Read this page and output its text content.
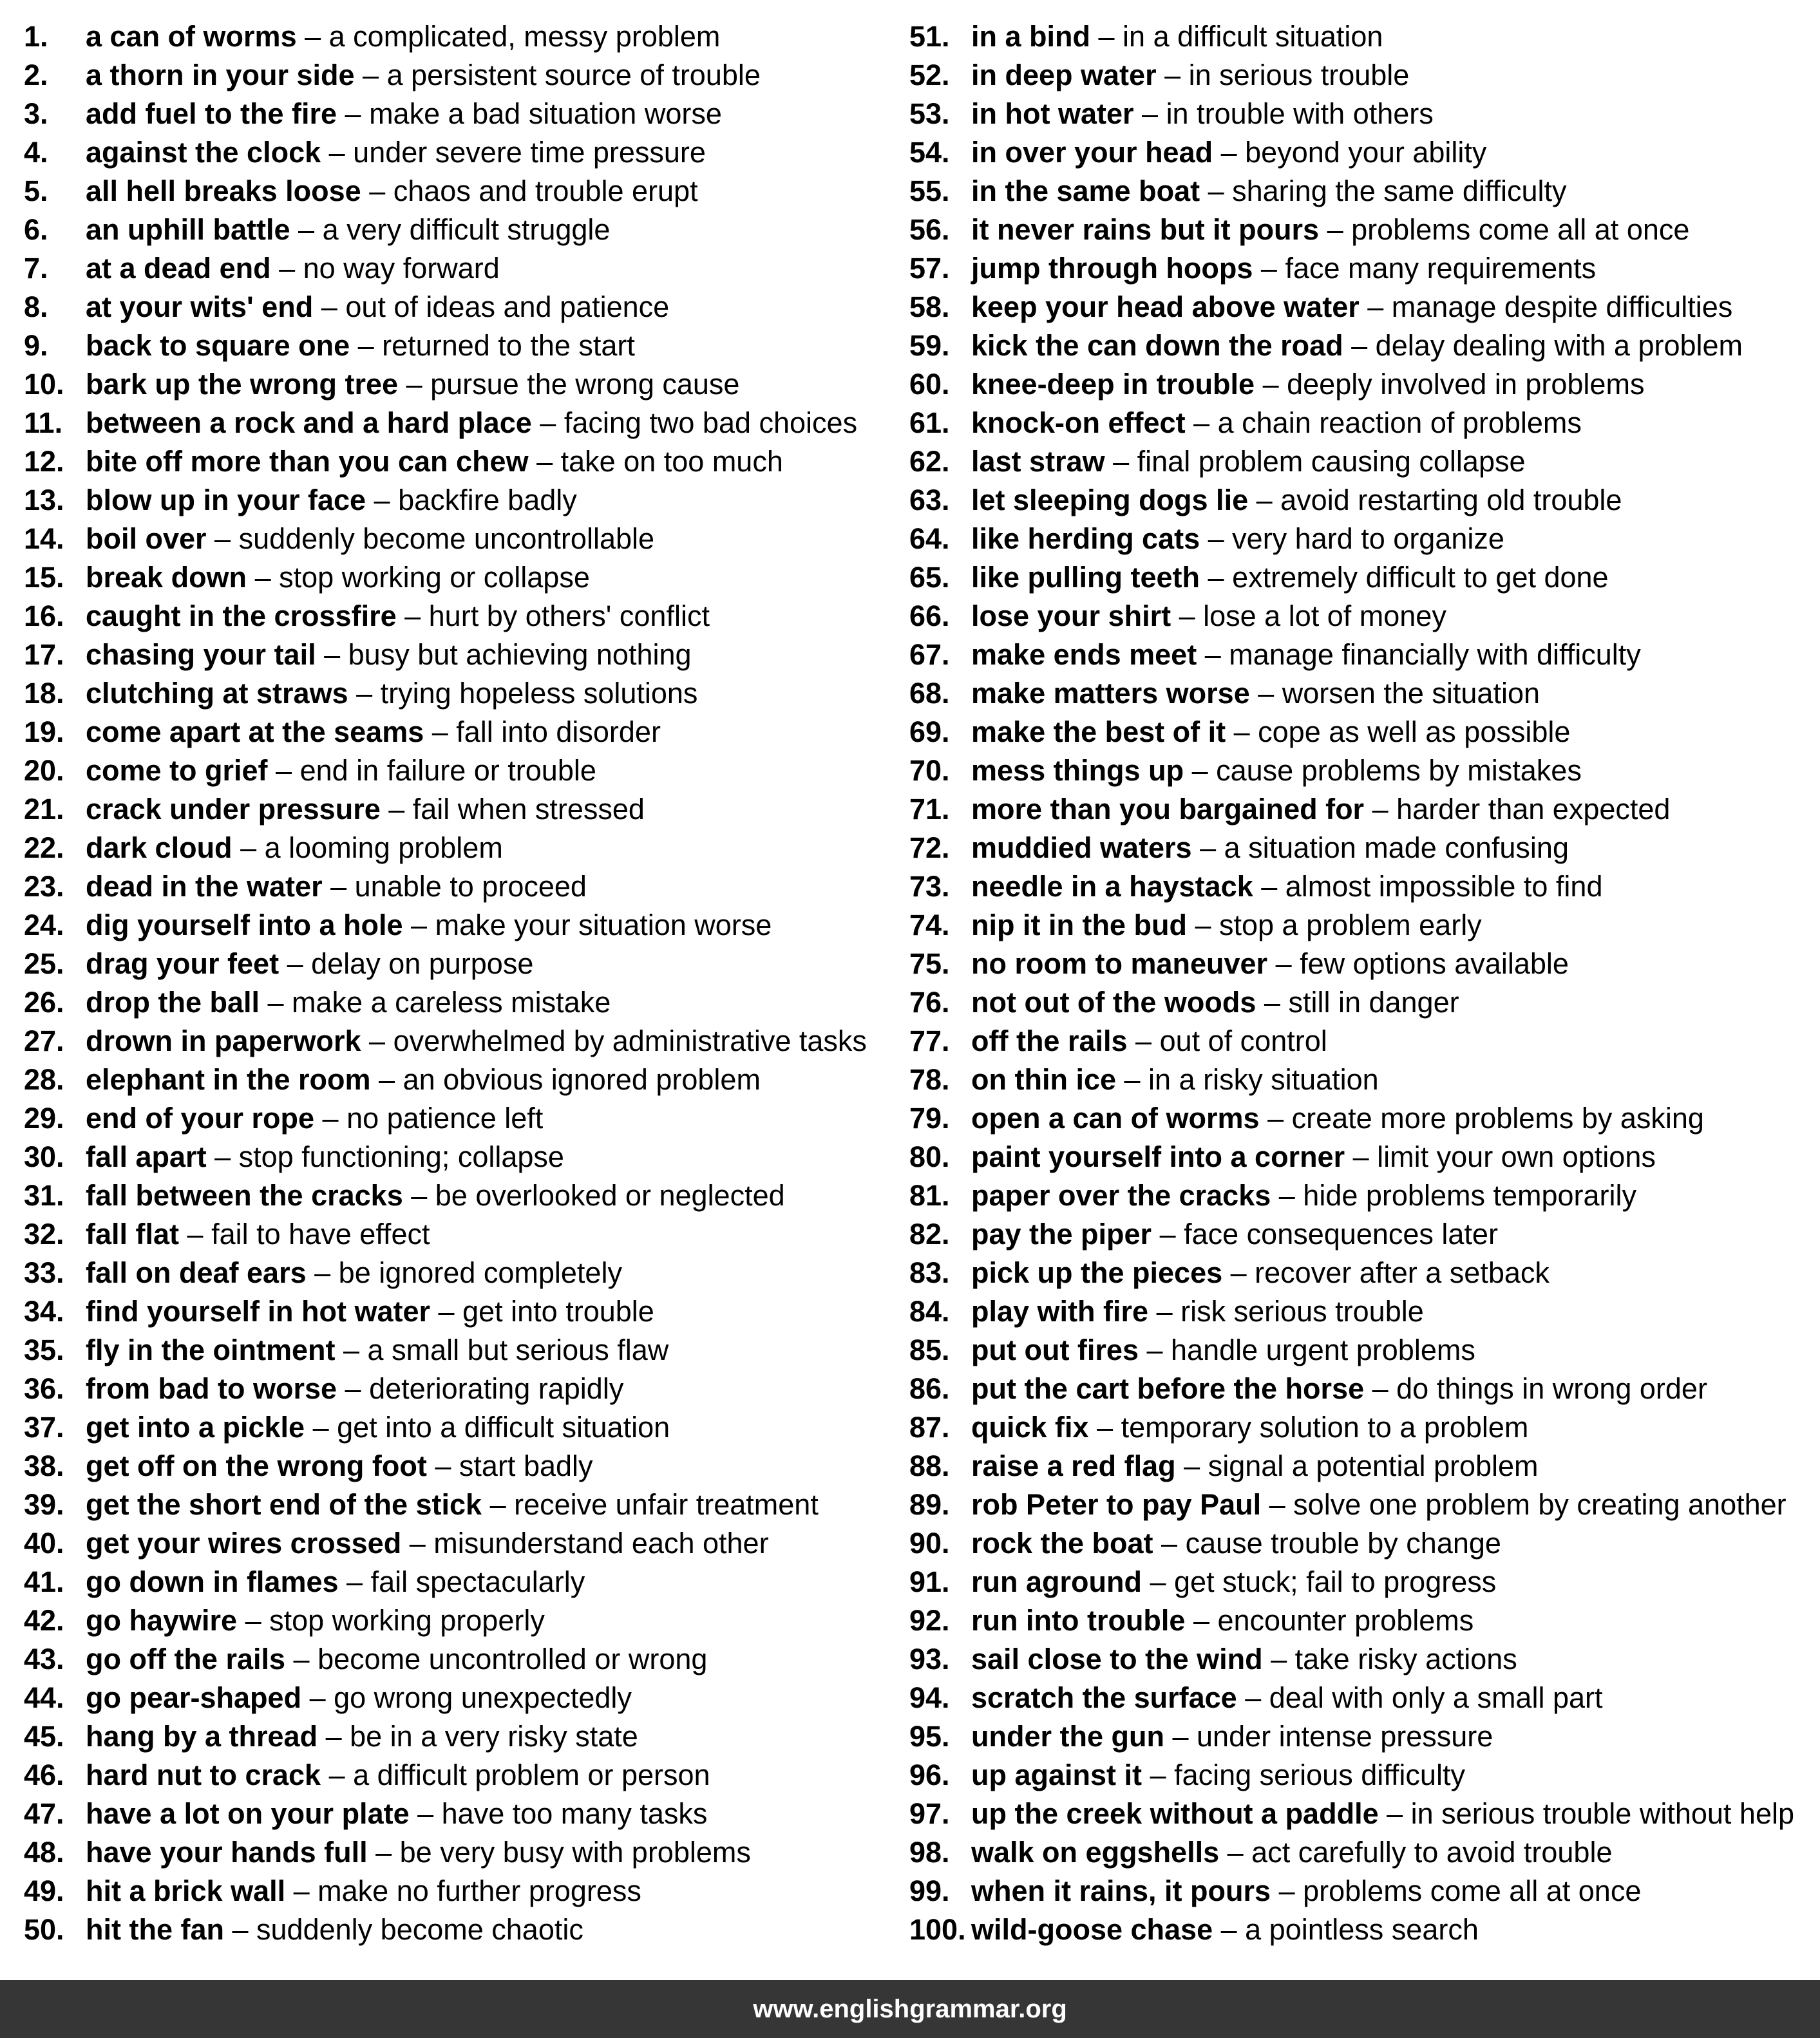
1. a can of worms – a complicated, messy problem
2. a thorn in your side – a persistent source of trouble
3. add fuel to the fire – make a bad situation worse
4. against the clock – under severe time pressure
5. all hell breaks loose – chaos and trouble erupt
6. an uphill battle – a very difficult struggle
7. at a dead end – no way forward
8. at your wits' end – out of ideas and patience
9. back to square one – returned to the start
10. bark up the wrong tree – pursue the wrong cause
11. between a rock and a hard place – facing two bad choices
12. bite off more than you can chew – take on too much
13. blow up in your face – backfire badly
14. boil over – suddenly become uncontrollable
15. break down – stop working or collapse
16. caught in the crossfire – hurt by others' conflict
17. chasing your tail – busy but achieving nothing
18. clutching at straws – trying hopeless solutions
19. come apart at the seams – fall into disorder
20. come to grief – end in failure or trouble
21. crack under pressure – fail when stressed
22. dark cloud – a looming problem
23. dead in the water – unable to proceed
24. dig yourself into a hole – make your situation worse
25. drag your feet – delay on purpose
26. drop the ball – make a careless mistake
27. drown in paperwork – overwhelmed by administrative tasks
28. elephant in the room – an obvious ignored problem
29. end of your rope – no patience left
30. fall apart – stop functioning; collapse
31. fall between the cracks – be overlooked or neglected
32. fall flat – fail to have effect
33. fall on deaf ears – be ignored completely
34. find yourself in hot water – get into trouble
35. fly in the ointment – a small but serious flaw
36. from bad to worse – deteriorating rapidly
37. get into a pickle – get into a difficult situation
38. get off on the wrong foot – start badly
39. get the short end of the stick – receive unfair treatment
40. get your wires crossed – misunderstand each other
41. go down in flames – fail spectacularly
42. go haywire – stop working properly
43. go off the rails – become uncontrolled or wrong
44. go pear-shaped – go wrong unexpectedly
45. hang by a thread – be in a very risky state
46. hard nut to crack – a difficult problem or person
47. have a lot on your plate – have too many tasks
48. have your hands full – be very busy with problems
49. hit a brick wall – make no further progress
50. hit the fan – suddenly become chaotic
51. in a bind – in a difficult situation
52. in deep water – in serious trouble
53. in hot water – in trouble with others
54. in over your head – beyond your ability
55. in the same boat – sharing the same difficulty
56. it never rains but it pours – problems come all at once
57. jump through hoops – face many requirements
58. keep your head above water – manage despite difficulties
59. kick the can down the road – delay dealing with a problem
60. knee-deep in trouble – deeply involved in problems
61. knock-on effect – a chain reaction of problems
62. last straw – final problem causing collapse
63. let sleeping dogs lie – avoid restarting old trouble
64. like herding cats – very hard to organize
65. like pulling teeth – extremely difficult to get done
66. lose your shirt – lose a lot of money
67. make ends meet – manage financially with difficulty
68. make matters worse – worsen the situation
69. make the best of it – cope as well as possible
70. mess things up – cause problems by mistakes
71. more than you bargained for – harder than expected
72. muddied waters – a situation made confusing
73. needle in a haystack – almost impossible to find
74. nip it in the bud – stop a problem early
75. no room to maneuver – few options available
76. not out of the woods – still in danger
77. off the rails – out of control
78. on thin ice – in a risky situation
79. open a can of worms – create more problems by asking
80. paint yourself into a corner – limit your own options
81. paper over the cracks – hide problems temporarily
82. pay the piper – face consequences later
83. pick up the pieces – recover after a setback
84. play with fire – risk serious trouble
85. put out fires – handle urgent problems
86. put the cart before the horse – do things in wrong order
87. quick fix – temporary solution to a problem
88. raise a red flag – signal a potential problem
89. rob Peter to pay Paul – solve one problem by creating another
90. rock the boat – cause trouble by change
91. run aground – get stuck; fail to progress
92. run into trouble – encounter problems
93. sail close to the wind – take risky actions
94. scratch the surface – deal with only a small part
95. under the gun – under intense pressure
96. up against it – facing serious difficulty
97. up the creek without a paddle – in serious trouble without help
98. walk on eggshells – act carefully to avoid trouble
99. when it rains, it pours – problems come all at once
100. wild-goose chase – a pointless search
www.englishgrammar.org
